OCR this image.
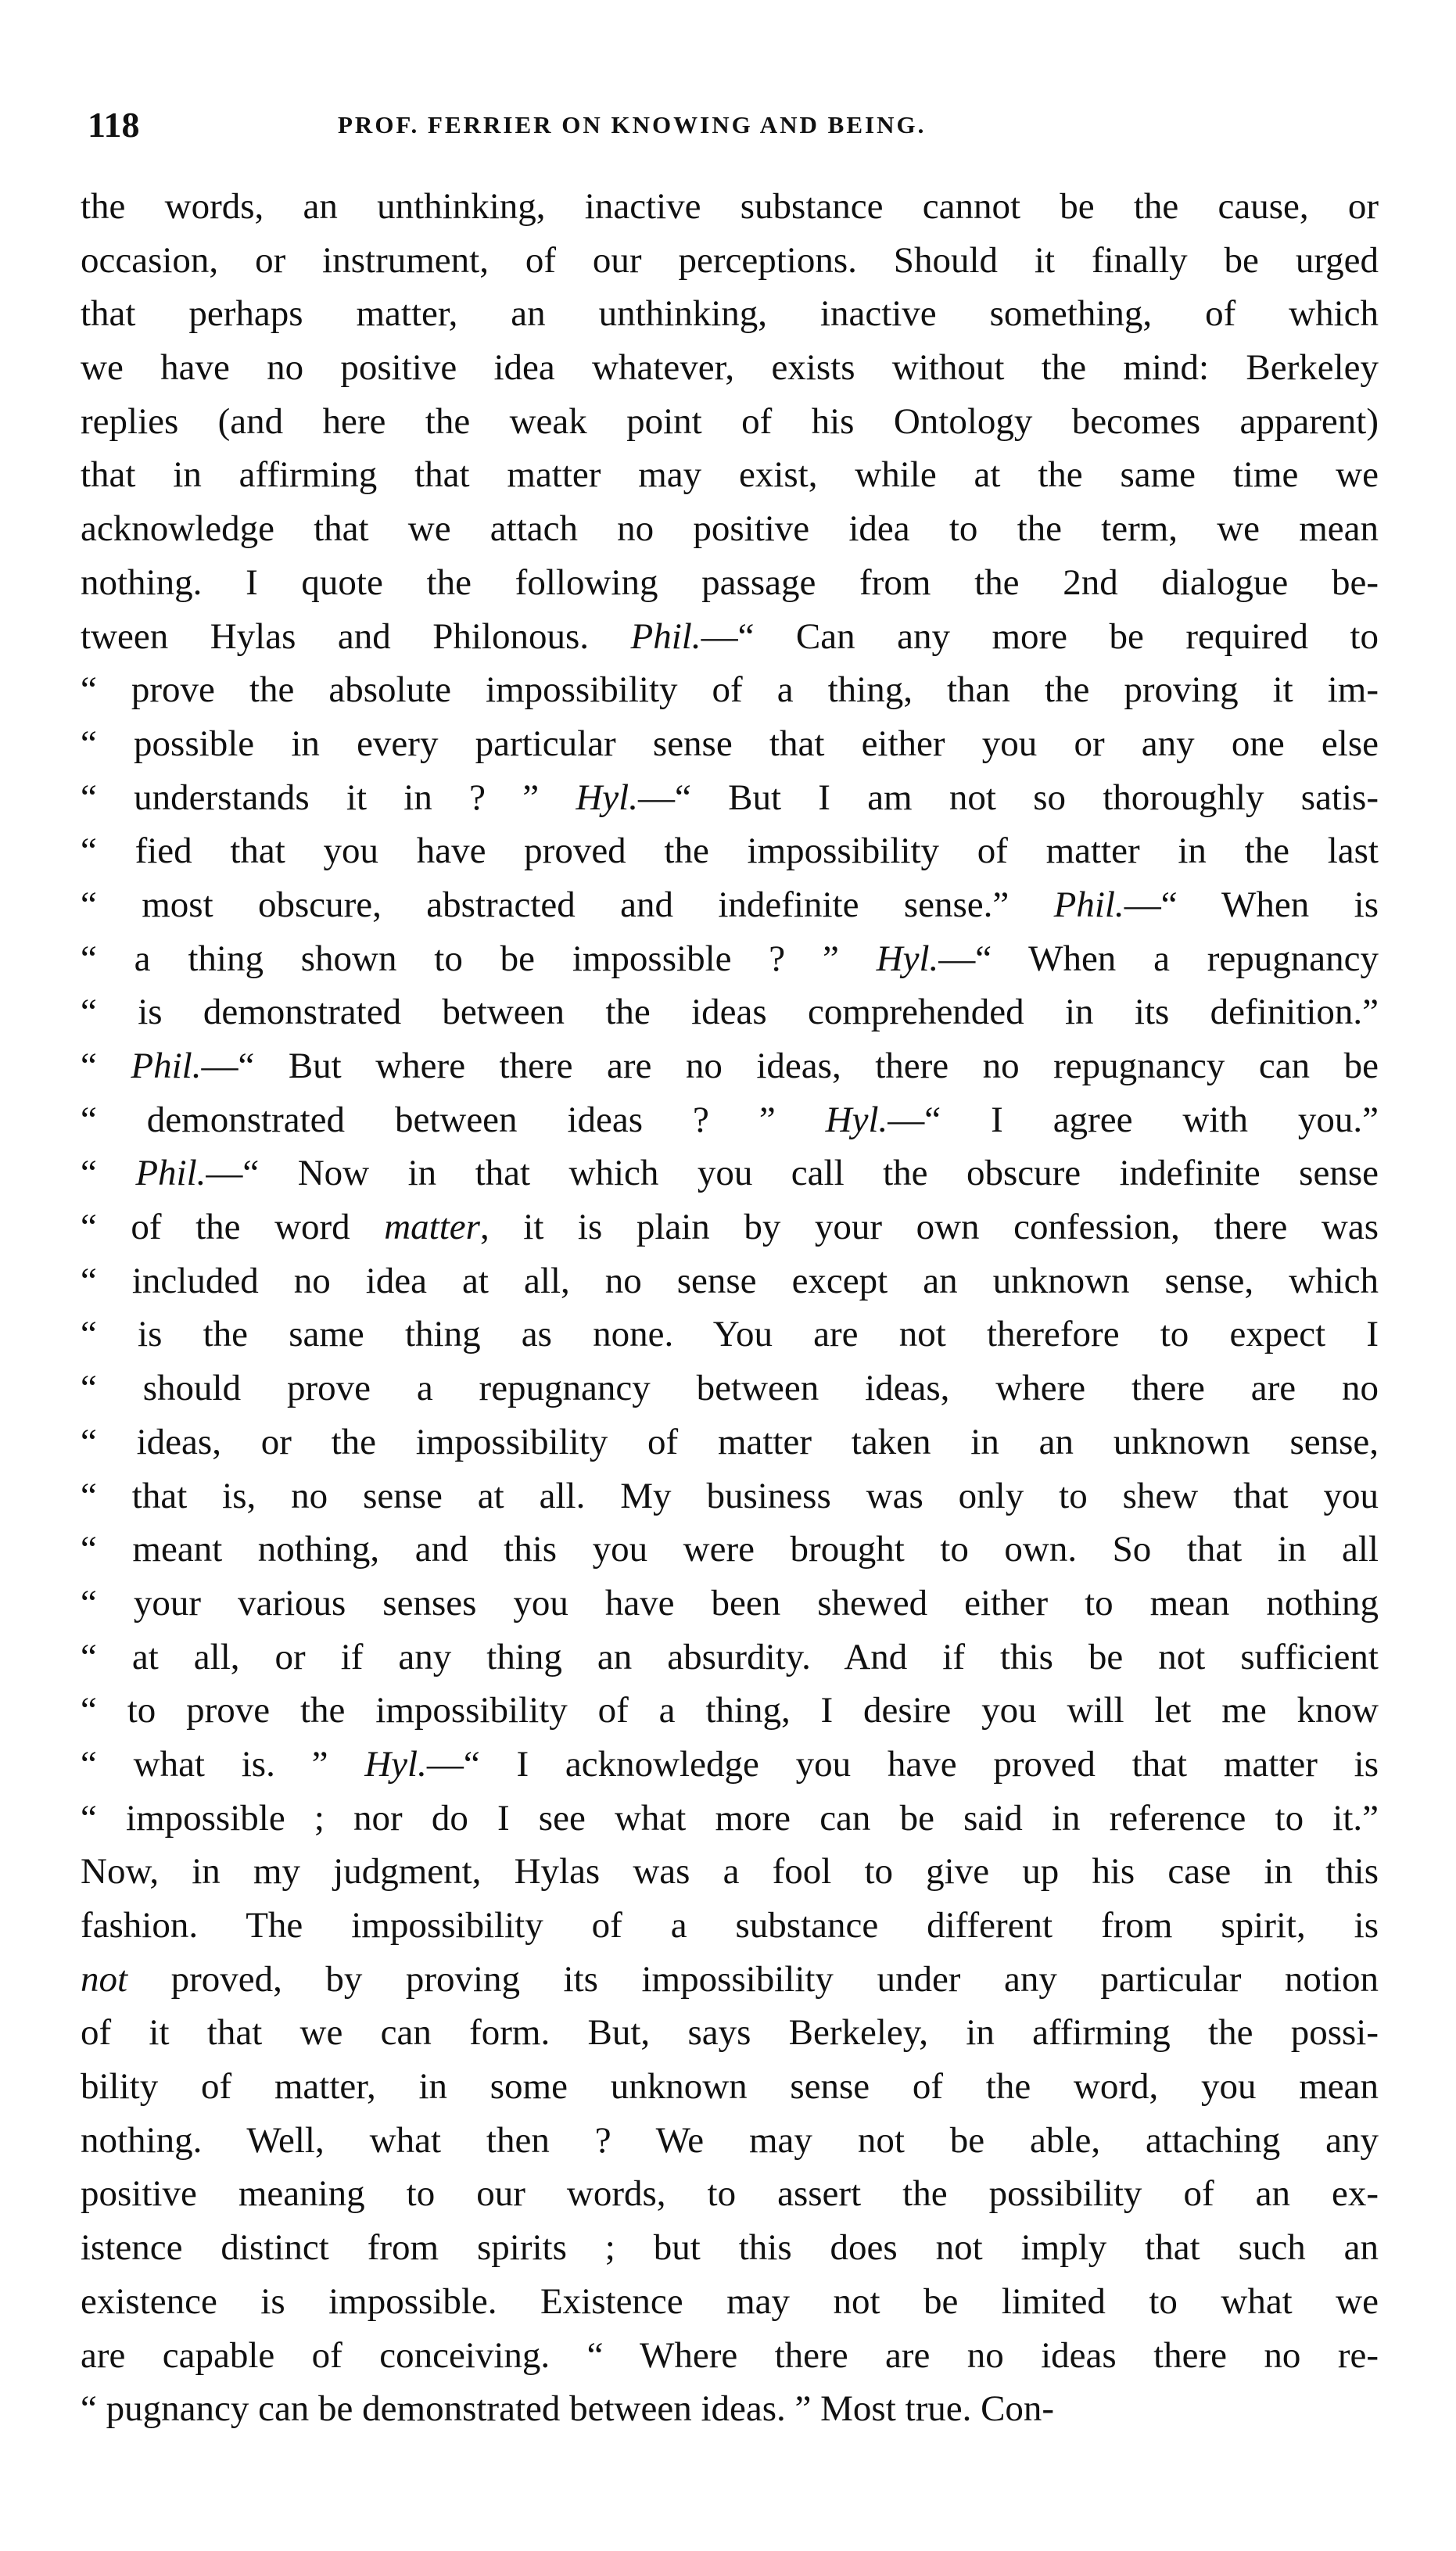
118	PROF. FERRIER ON KNOWING AND BEING.
the words, an unthinking, inactive substance cannot be the cause, or
occasion, or instrument, of our perceptions. Should it finally be urged
that perhaps matter, an unthinking, inactive something, of which
we have no positive idea whatever, exists without the mind: Berkeley
replies (and here the weak point of his Ontology becomes apparent)
that in affirming that matter may exist, while at the same time we
acknowledge that we attach no positive idea to the term, we mean
nothing. I quote the following passage from the 2nd dialogue be-
tween Hylas and Philonous. Phil.—“ Can any more be required to
“ prove the absolute impossibility of a thing, than the proving it im-
“ possible in every particular sense that either you or any one else
“ understands it in ? ” Hyl.—“ But I am not so thoroughly satis-
“ fied that you have proved the impossibility of matter in the last
“ most obscure, abstracted and indefinite sense.” Phil.—“ When is
“ a thing shown to be impossible ? ” Hyl.—“ When a repugnancy
“ is demonstrated between the ideas comprehended in its definition.”
“ Phil.—“ But where there are no ideas, there no repugnancy can be
“ demonstrated between ideas ? ” Hyl.—“ I agree with you.”
“ Phil.—“ Now in that which you call the obscure indefinite sense
“ of the word matter, it is plain by your own confession, there was
“ included no idea at all, no sense except an unknown sense, which
“ is the same thing as none. You are not therefore to expect I
“ should prove a repugnancy between ideas, where there are no
“ ideas, or the impossibility of matter taken in an unknown sense,
“ that is, no sense at all. My business was only to shew that you
“ meant nothing, and this you were brought to own. So that in all
“ your various senses you have been shewed either to mean nothing
“ at all, or if any thing an absurdity. And if this be not sufficient
“ to prove the impossibility of a thing, I desire you will let me know
“ what is. ” Hyl.—“ I acknowledge you have proved that matter is
“ impossible ; nor do I see what more can be said in reference to it.”
Now, in my judgment, Hylas was a fool to give up his case in this
fashion. The impossibility of a substance different from spirit, is
not proved, by proving its impossibility under any particular notion
of it that we can form. But, says Berkeley, in affirming the possi-
bility of matter, in some unknown sense of the word, you mean
nothing. Well, what then ? We may not be able, attaching any
positive meaning to our words, to assert the possibility of an ex-
istence distinct from spirits ; but this does not imply that such an
existence is impossible. Existence may not be limited to what we
are capable of conceiving. “ Where there are no ideas there no re-
“ pugnancy can be demonstrated between ideas. ” Most true. Con-
